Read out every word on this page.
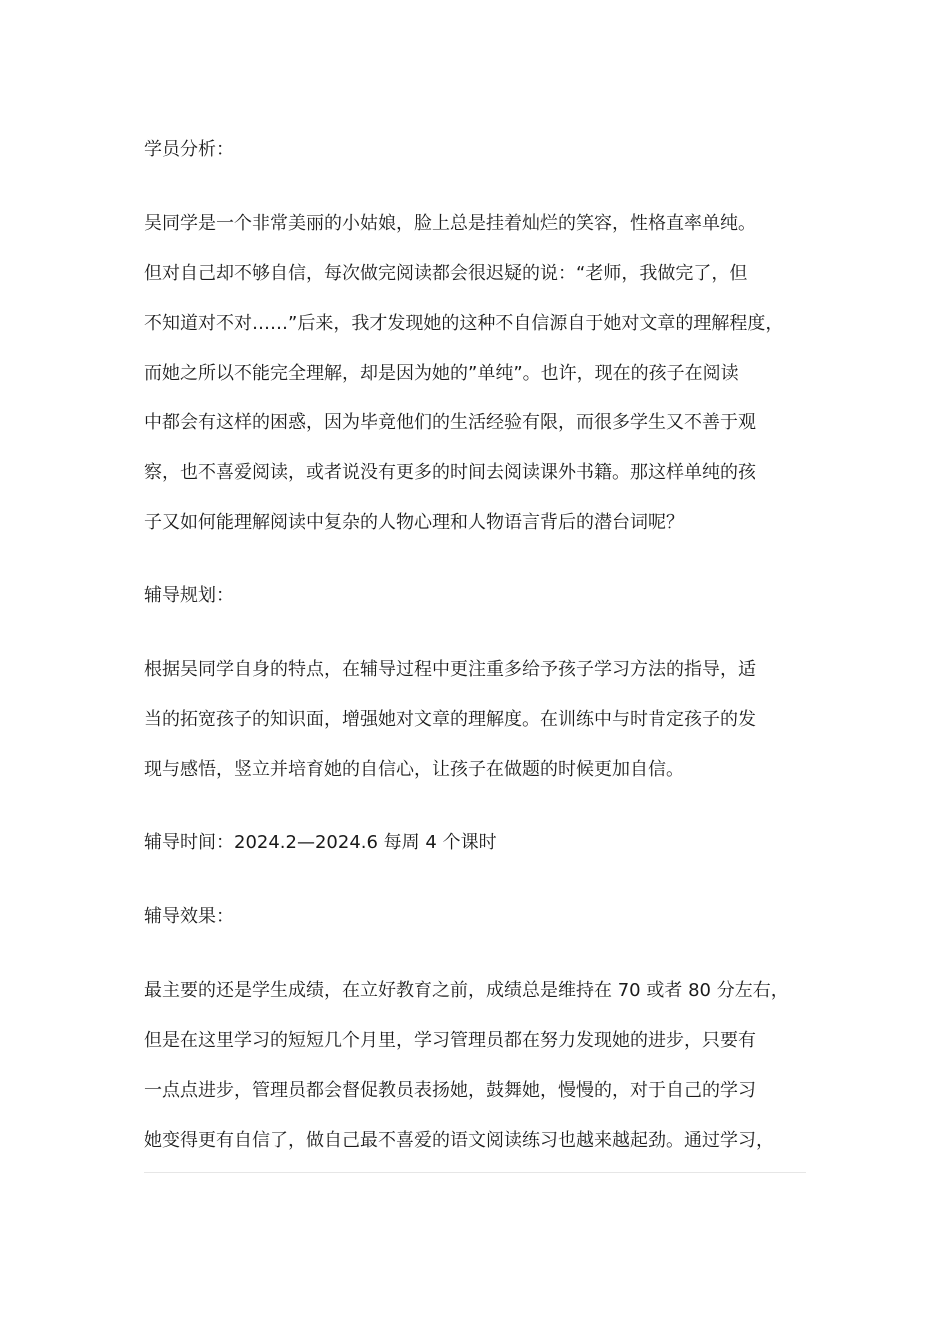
学员分析：

吴同学是一个非常美丽的小姑娘，脸上总是挂着灿烂的笑容，性格直率单纯。

但对自己却不够自信，每次做完阅读都会很迟疑的说：“老师，我做完了，但

不知道对不对……”后来，我才发现她的这种不自信源自于她对文章的理解程度，

而她之所以不能完全理解，却是因为她的”单纯”。也许，现在的孩子在阅读

中都会有这样的困惑，因为毕竟他们的生活经验有限，而很多学生又不善于观

察，也不喜爱阅读，或者说没有更多的时间去阅读课外书籍。那这样单纯的孩

子又如何能理解阅读中复杂的人物心理和人物语言背后的潜台词呢？

辅导规划：

根据吴同学自身的特点，在辅导过程中更注重多给予孩子学习方法的指导，适

当的拓宽孩子的知识面，增强她对文章的理解度。在训练中与时肯定孩子的发

现与感悟，竖立并培育她的自信心，让孩子在做题的时候更加自信。

辅导时间：2024.2—2024.6 每周 4 个课时

辅导效果：

最主要的还是学生成绩，在立好教育之前，成绩总是维持在 70 或者 80 分左右，

但是在这里学习的短短几个月里，学习管理员都在努力发现她的进步，只要有

一点点进步，管理员都会督促教员表扬她，鼓舞她，慢慢的，对于自己的学习

她变得更有自信了，做自己最不喜爱的语文阅读练习也越来越起劲。通过学习，
